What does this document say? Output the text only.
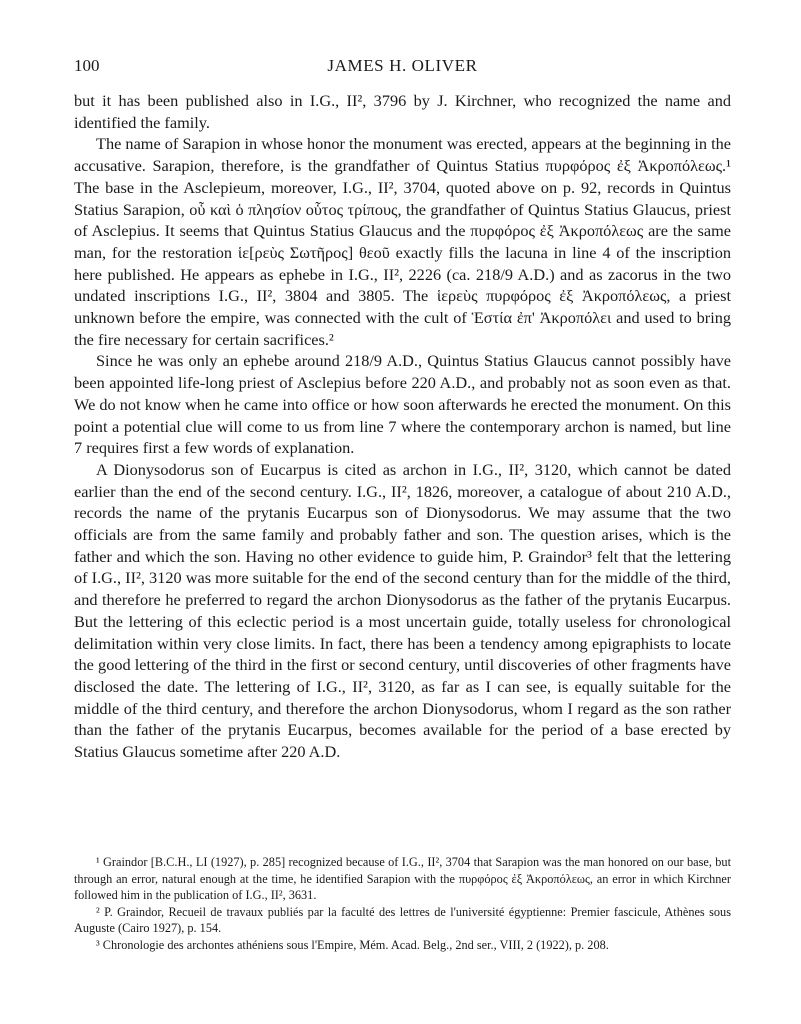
100	JAMES H. OLIVER

but it has been published also in I.G., II², 3796 by J. Kirchner, who recognized the name and identified the family.

The name of Sarapion in whose honor the monument was erected, appears at the beginning in the accusative. Sarapion, therefore, is the grandfather of Quintus Statius πυρφόρος ἐξ Ἀκροπόλεως.¹ The base in the Asclepieum, moreover, I.G., II², 3704, quoted above on p. 92, records in Quintus Statius Sarapion, οὗ καὶ ὁ πλησίον οὗτος τρίπους, the grandfather of Quintus Statius Glaucus, priest of Asclepius. It seems that Quintus Statius Glaucus and the πυρφόρος ἐξ Ἀκροπόλεως are the same man, for the restoration ἱε[ρεὺς Σωτῆρος] θεοῦ exactly fills the lacuna in line 4 of the inscription here published. He appears as ephebe in I.G., II², 2226 (ca. 218/9 A.D.) and as zacorus in the two undated inscriptions I.G., II², 3804 and 3805. The ἱερεὺς πυρφόρος ἐξ Ἀκροπόλεως, a priest unknown before the empire, was connected with the cult of Ἑστία ἐπ' Ἀκροπόλει and used to bring the fire necessary for certain sacrifices.²

Since he was only an ephebe around 218/9 A.D., Quintus Statius Glaucus cannot possibly have been appointed life-long priest of Asclepius before 220 A.D., and probably not as soon even as that. We do not know when he came into office or how soon afterwards he erected the monument. On this point a potential clue will come to us from line 7 where the contemporary archon is named, but line 7 requires first a few words of explanation.

A Dionysodorus son of Eucarpus is cited as archon in I.G., II², 3120, which cannot be dated earlier than the end of the second century. I.G., II², 1826, moreover, a catalogue of about 210 A.D., records the name of the prytanis Eucarpus son of Dionysodorus. We may assume that the two officials are from the same family and probably father and son. The question arises, which is the father and which the son. Having no other evidence to guide him, P. Graindor³ felt that the lettering of I.G., II², 3120 was more suitable for the end of the second century than for the middle of the third, and therefore he preferred to regard the archon Dionysodorus as the father of the prytanis Eucarpus. But the lettering of this eclectic period is a most uncertain guide, totally useless for chronological delimitation within very close limits. In fact, there has been a tendency among epigraphists to locate the good lettering of the third in the first or second century, until discoveries of other fragments have disclosed the date. The lettering of I.G., II², 3120, as far as I can see, is equally suitable for the middle of the third century, and therefore the archon Dionysodorus, whom I regard as the son rather than the father of the prytanis Eucarpus, becomes available for the period of a base erected by Statius Glaucus sometime after 220 A.D.

¹ Graindor [B.C.H., LI (1927), p. 285] recognized because of I.G., II², 3704 that Sarapion was the man honored on our base, but through an error, natural enough at the time, he identified Sarapion with the πυρφόρος ἐξ Ἀκροπόλεως, an error in which Kirchner followed him in the publication of I.G., II², 3631.

² P. Graindor, Recueil de travaux publiés par la faculté des lettres de l'université égyptienne: Premier fascicule, Athènes sous Auguste (Cairo 1927), p. 154.

³ Chronologie des archontes athéniens sous l'Empire, Mém. Acad. Belg., 2nd ser., VIII, 2 (1922), p. 208.
